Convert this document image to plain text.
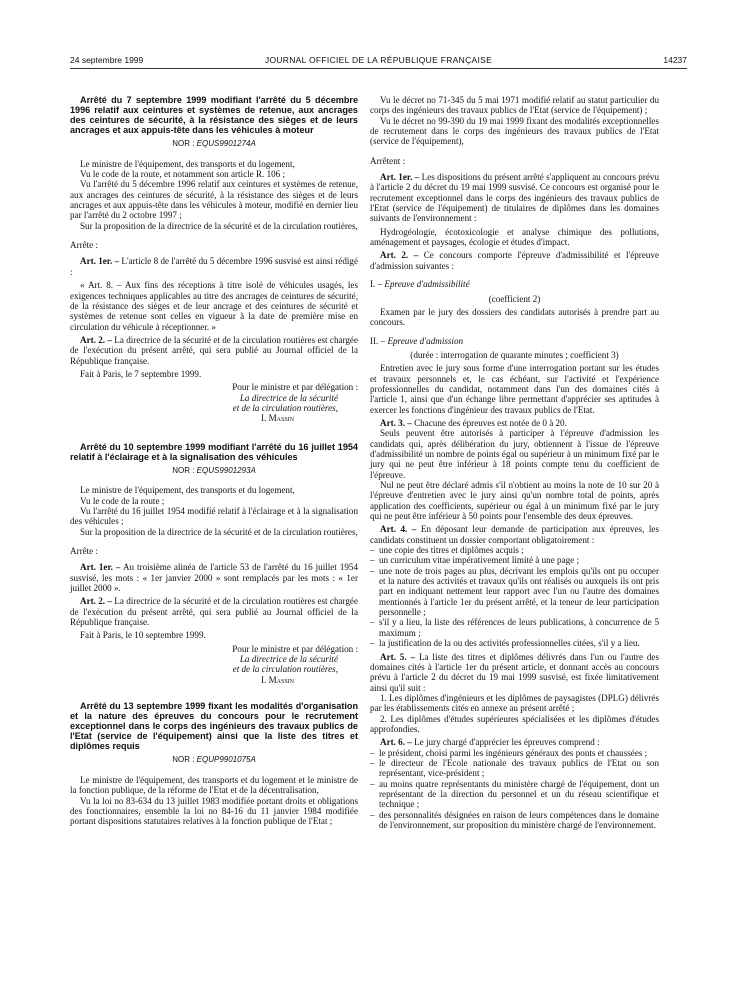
24 septembre 1999	JOURNAL OFFICIEL DE LA RÉPUBLIQUE FRANÇAISE	14237

Arrêté du 7 septembre 1999 modifiant l'arrêté du 5 décembre 1996 relatif aux ceintures et systèmes de retenue, aux ancrages des ceintures de sécurité, à la résistance des sièges et de leurs ancrages et aux appuis-tête dans les véhicules à moteur

NOR : EQUS9901274A

Le ministre de l'équipement, des transports et du logement,

Vu le code de la route, et notamment son article R. 106 ;

Vu l'arrêté du 5 décembre 1996 relatif aux ceintures et systèmes de retenue, aux ancrages des ceintures de sécurité, à la résistance des sièges et de leurs ancrages et aux appuis-tête dans les véhicules à moteur, modifié en dernier lieu par l'arrêté du 2 octobre 1997 ;

Sur la proposition de la directrice de la sécurité et de la circulation routières,

Arrête :

Art. 1er. – L'article 8 de l'arrêté du 5 décembre 1996 susvisé est ainsi rédigé :

« Art. 8. – Aux fins des réceptions à titre isolé de véhicules usagés, les exigences techniques applicables au titre des ancrages de ceintures de sécurité, de la résistance des sièges et de leur ancrage et des ceintures de sécurité et systèmes de retenue sont celles en vigueur à la date de première mise en circulation du véhicule à réceptionner. »

Art. 2. – La directrice de la sécurité et de la circulation routières est chargée de l'exécution du présent arrêté, qui sera publié au Journal officiel de la République française.

Fait à Paris, le 7 septembre 1999.

Pour le ministre et par délégation :
La directrice de la sécurité
et de la circulation routières,
I. Massin

Arrêté du 10 septembre 1999 modifiant l'arrêté du 16 juillet 1954 relatif à l'éclairage et à la signalisation des véhicules

NOR : EQUS9901293A

Le ministre de l'équipement, des transports et du logement,

Vu le code de la route ;

Vu l'arrêté du 16 juillet 1954 modifié relatif à l'éclairage et à la signalisation des véhicules ;

Sur la proposition de la directrice de la sécurité et de la circulation routières,

Arrête :

Art. 1er. – Au troisième alinéa de l'article 53 de l'arrêté du 16 juillet 1954 susvisé, les mots : « 1er janvier 2000 » sont remplacés par les mots : « 1er juillet 2000 ».

Art. 2. – La directrice de la sécurité et de la circulation routières est chargée de l'exécution du présent arrêté, qui sera publié au Journal officiel de la République française.

Fait à Paris, le 10 septembre 1999.

Pour le ministre et par délégation :
La directrice de la sécurité
et de la circulation routières,
I. Massin

Arrêté du 13 septembre 1999 fixant les modalités d'organisation et la nature des épreuves du concours pour le recrutement exceptionnel dans le corps des ingénieurs des travaux publics de l'Etat (service de l'équipement) ainsi que la liste des titres et diplômes requis

NOR : EQUP9901075A

Le ministre de l'équipement, des transports et du logement et le ministre de la fonction publique, de la réforme de l'Etat et de la décentralisation,

Vu la loi no 83-634 du 13 juillet 1983 modifiée portant droits et obligations des fonctionnaires, ensemble la loi no 84-16 du 11 janvier 1984 modifiée portant dispositions statutaires relatives à la fonction publique de l'Etat ;

Vu le décret no 71-345 du 5 mai 1971 modifié relatif au statut particulier du corps des ingénieurs des travaux publics de l'Etat (service de l'équipement) ;

Vu le décret no 99-390 du 19 mai 1999 fixant des modalités exceptionnelles de recrutement dans le corps des ingénieurs des travaux publics de l'Etat (service de l'équipement),

Arrêtent :

Art. 1er. – Les dispositions du présent arrêté s'appliquent au concours prévu à l'article 2 du décret du 19 mai 1999 susvisé. Ce concours est organisé pour le recrutement exceptionnel dans le corps des ingénieurs des travaux publics de l'Etat (service de l'équipement) de titulaires de diplômes dans les domaines suivants de l'environnement :

Hydrogéologie, écotoxicologie et analyse chimique des pollutions, aménagement et paysages, écologie et études d'impact.

Art. 2. – Ce concours comporte l'épreuve d'admissibilité et l'épreuve d'admission suivantes :

I. – Epreuve d'admissibilité

(coefficient 2)

Examen par le jury des dossiers des candidats autorisés à prendre part au concours.

II. – Epreuve d'admission

(durée : interrogation de quarante minutes ; coefficient 3)

Entretien avec le jury sous forme d'une interrogation portant sur les études et travaux personnels et, le cas échéant, sur l'activité et l'expérience professionnelles du candidat, notamment dans l'un des domaines cités à l'article 1, ainsi que d'un échange libre permettant d'apprécier ses aptitudes à exercer les fonctions d'ingénieur des travaux publics de l'Etat.

Art. 3. – Chacune des épreuves est notée de 0 à 20.

Seuls peuvent être autorisés à participer à l'épreuve d'admission les candidats qui, après délibération du jury, obtiennent à l'issue de l'épreuve d'admissibilité un nombre de points égal ou supérieur à un minimum fixé par le jury qui ne peut être inférieur à 18 points compte tenu du coefficient de l'épreuve.

Nul ne peut être déclaré admis s'il n'obtient au moins la note de 10 sur 20 à l'épreuve d'entretien avec le jury ainsi qu'un nombre total de points, après application des coefficients, supérieur ou égal à un minimum fixé par le jury qui ne peut être inférieur à 50 points pour l'ensemble des deux épreuves.

Art. 4. – En déposant leur demande de participation aux épreuves, les candidats constituent un dossier comportant obligatoirement :

– une copie des titres et diplômes acquis ;
– un curriculum vitae impérativement limité à une page ;
– une note de trois pages au plus, décrivant les emplois qu'ils ont pu occuper et la nature des activités et travaux qu'ils ont réalisés ou auxquels ils ont pris part en indiquant nettement leur rapport avec l'un ou l'autre des domaines mentionnés à l'article 1er du présent arrêté, et la teneur de leur participation personnelle ;
– s'il y a lieu, la liste des références de leurs publications, à concurrence de 5 maximum ;
– la justification de la ou des activités professionnelles citées, s'il y a lieu.

Art. 5. – La liste des titres et diplômes délivrés dans l'un ou l'autre des domaines cités à l'article 1er du présent article, et donnant accès au concours prévu à l'article 2 du décret du 19 mai 1999 susvisé, est fixée limitativement ainsi qu'il suit :

1. Les diplômes d'ingénieurs et les diplômes de paysagistes (DPLG) délivrés par les établissements cités en annexe au présent arrêté ;

2. Les diplômes d'études supérieures spécialisées et les diplômes d'études approfondies.

Art. 6. – Le jury chargé d'apprécier les épreuves comprend :

– le président, choisi parmi les ingénieurs généraux des ponts et chaussées ;
– le directeur de l'Ecole nationale des travaux publics de l'Etat ou son représentant, vice-président ;
– au moins quatre représentants du ministère chargé de l'équipement, dont un représentant de la direction du personnel et un du réseau scientifique et technique ;
– des personnalités désignées en raison de leurs compétences dans le domaine de l'environnement, sur proposition du ministère chargé de l'environnement.
